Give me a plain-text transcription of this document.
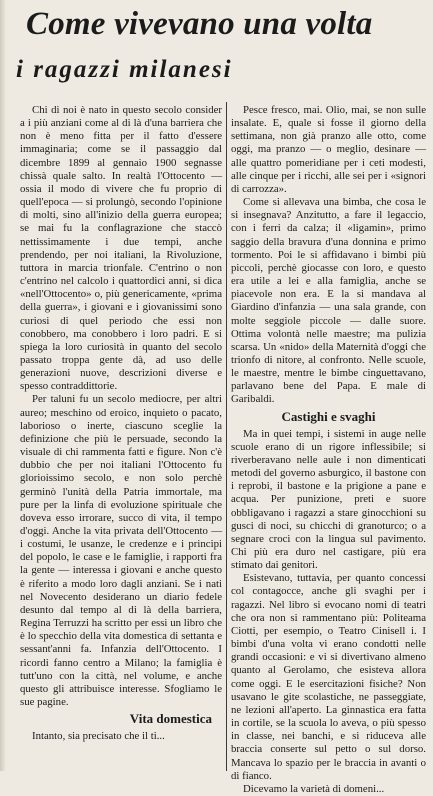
Come vivevano una volta
i ragazzi milanesi

Chi di noi è nato in questo secolo consider a i più anziani come al di là d'una barriera che non è meno fitta per il fatto d'essere immaginaria; come se il passaggio dal dicembre 1899 al gennaio 1900 segnasse chissà quale salto. In realtà l'Ottocento — ossia il modo di vivere che fu proprio di quell'epoca — si prolungò, secondo l'opinione di molti, sino all'inizio della guerra europea; se mai fu la conflagrazione che staccò nettissimamente i due tempi, anche prendendo, per noi italiani, la Rivoluzione, tuttora in marcia trionfale. C'entrino o non c'entrino nel calcolo i quattordici anni, si dica «nell'Ottocento» o, più genericamente, «prima della guerra», i giovani e i giovanissimi sono curiosi di quel periodo che essi non conobbero, ma conobbero i loro padri. E si spiega la loro curiosità in quanto del secolo passato troppa gente dà, ad uso delle generazioni nuove, descrizioni diverse e spesso contraddittorie.

Per taluni fu un secolo mediocre, per altri aureo; meschino od eroico, inquieto o pacato, laborioso o inerte, ciascuno sceglie la definizione che più le persuade, secondo la visuale di chi rammenta fatti e figure. Non c'è dubbio che per noi italiani l'Ottocento fu glorioissimo secolo, e non solo perchè germinò l'unità della Patria immortale, ma pure per la linfa di evoluzione spirituale che doveva esso irrorare, succo di vita, il tempo d'oggi. Anche la vita privata dell'Ottocento — i costumi, le usanze, le credenze e i principi del popolo, le case e le famiglie, i rapporti fra la gente — interessa i giovani e anche questo è riferito a modo loro dagli anziani. Se i nati nel Novecento desiderano un diario fedele desunto dal tempo al di là della barriera, Regina Terruzzi ha scritto per essi un libro che è lo specchio della vita domestica di settanta e sessant'anni fa. Infanzia dell'Ottocento. I ricordi fanno centro a Milano; la famiglia è tutt'uno con la città, nel volume, e anche questo gli attribuisce interesse. Sfogliamo le sue pagine.

Vita domestica

Intanto, sia precisato che il ti...

Pesce fresco, mai. Olio, mai, se non sulle insalate. E, quale si fosse il giorno della settimana, non già pranzo alle otto, come oggi, ma pranzo — o meglio, desinare — alle quattro pomeridiane per i ceti modesti, alle cinque per i ricchi, alle sei per i «signori di carrozza».

Come si allevava una bimba, che cosa le si insegnava? Anzitutto, a fare il legaccio, con i ferri da calza; il «ligamin», primo saggio della bravura d'una donnina e primo tormento. Poi le si affidavano i bimbi più piccoli, perchè giocasse con loro, e questo era utile a lei e alla famiglia, anche se piacevole non era. E la si mandava al Giardino d'infanzia — una sala grande, con molte seggiole piccole — dalle suore. Ottima volontà nelle maestre; ma pulizia scarsa. Un «nido» della Maternità d'oggi che trionfo di nitore, al confronto. Nelle scuole, le maestre, mentre le bimbe cinguettavano, parlavano bene del Papa. E male di Garibaldi.

Castighi e svaghi

Ma in quei tempi, i sistemi in auge nelle scuole erano di un rigore inflessibile; si riverberavano nelle aule i non dimenticati metodi del governo asburgico, il bastone con i reprobi, il bastone e la prigione a pane e acqua. Per punizione, preti e suore obbligavano i ragazzi a stare ginocchioni su gusci di noci, su chicchi di granoturco; o a segnare croci con la lingua sul pavimento. Chi più era duro nel castigare, più era stimato dai genitori.

Esistevano, tuttavia, per quanto concessi col contagocce, anche gli svaghi per i ragazzi. Nel libro si evocano nomi di teatri che ora non si rammentano più: Politeama Ciotti, per esempio, o Teatro Cinisell i. I bimbi d'una volta vi erano condotti nelle grandi occasioni: e vi si divertivano almeno quanto al Gerolamo, che esisteva allora come oggi. E le esercitazioni fisiche? Non usavano le gite scolastiche, ne passeggiate, ne lezioni all'aperto. La ginnastica era fatta in cortile, se la scuola lo aveva, o più spesso in classe, nei banchi, e si riduceva alle braccia conserte sul petto o sul dorso. Mancava lo spazio per le braccia in avanti o di fianco.

Dicevamo la varietà di domeni...
